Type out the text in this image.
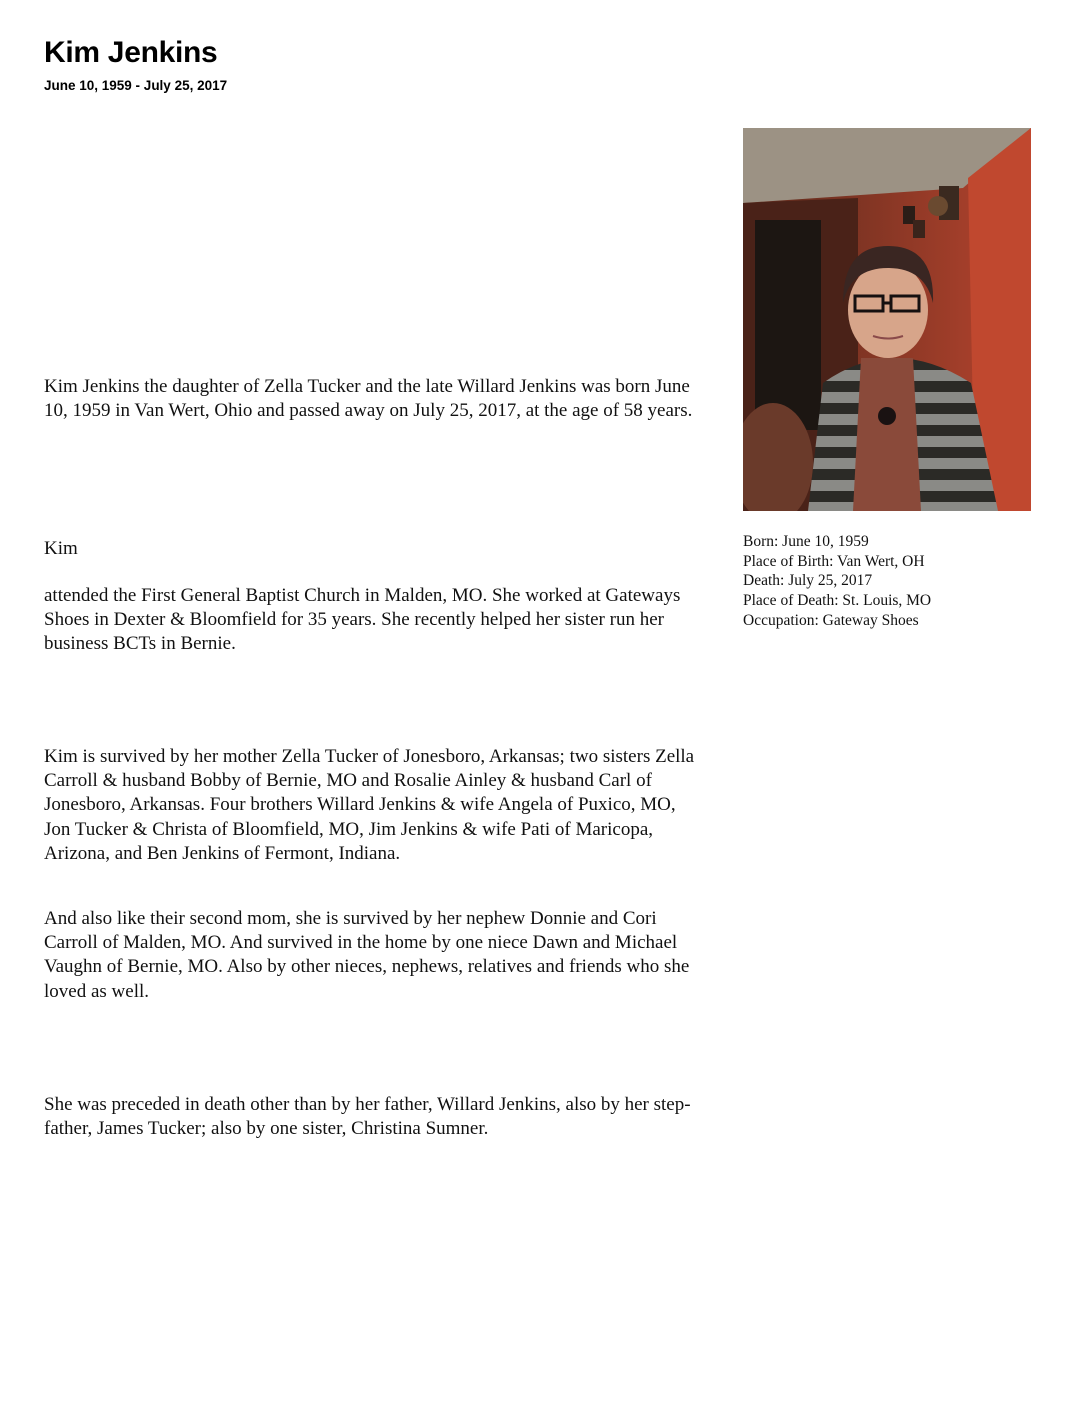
Kim Jenkins
June 10, 1959 - July 25, 2017

Kim Jenkins the daughter of Zella Tucker and the late Willard Jenkins was born June 10, 1959 in Van Wert, Ohio and passed away on July 25, 2017, at the age of 58 years.

Kim

attended the First General Baptist Church in Malden, MO. She worked at Gateways Shoes in Dexter & Bloomfield for 35 years. She recently helped her sister run her business BCTs in Bernie.

Kim is survived by her mother Zella Tucker of Jonesboro, Arkansas; two sisters Zella Carroll & husband Bobby of Bernie, MO and Rosalie Ainley & husband Carl of Jonesboro, Arkansas. Four brothers Willard Jenkins & wife Angela of Puxico, MO, Jon Tucker & Christa of Bloomfield, MO, Jim Jenkins & wife Pati of Maricopa, Arizona, and Ben Jenkins of Fermont, Indiana.

And also like their second mom, she is survived by her nephew Donnie and Cori Carroll of Malden, MO. And survived in the home by one niece Dawn and Michael Vaughn of Bernie, MO. Also by other nieces, nephews, relatives and friends who she loved as well.

She was preceded in death other than by her father, Willard Jenkins, also by her step-father, James Tucker; also by one sister, Christina Sumner.

Born: June 10, 1959
Place of Birth: Van Wert, OH
Death: July 25, 2017
Place of Death: St. Louis, MO
Occupation: Gateway Shoes
